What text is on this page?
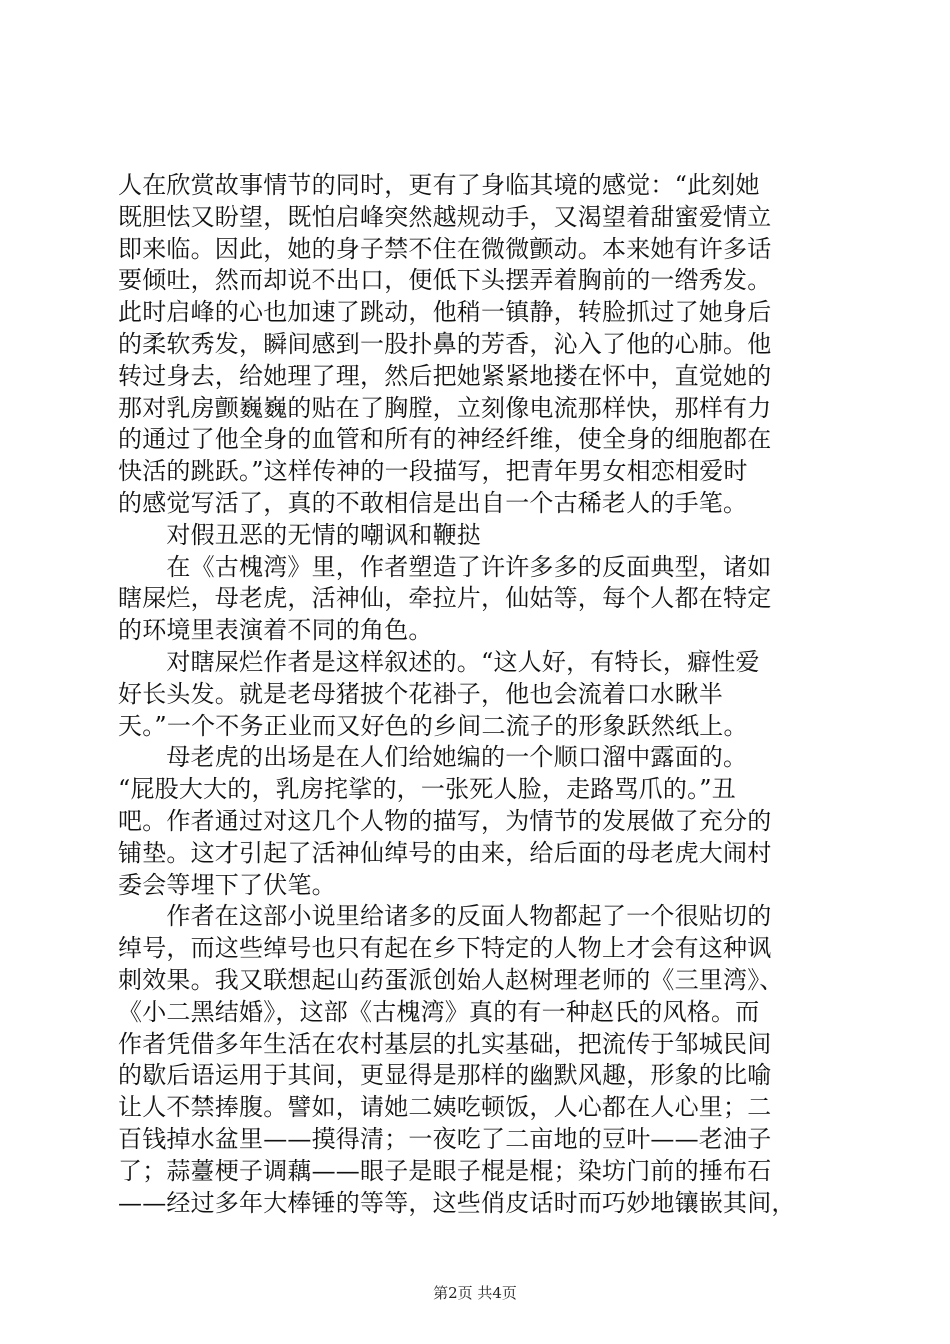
人在欣赏故事情节的同时，更有了身临其境的感觉：“此刻她
既胆怯又盼望，既怕启峰突然越规动手，又渴望着甜蜜爱情立
即来临。因此，她的身子禁不住在微微颤动。本来她有许多话
要倾吐，然而却说不出口，便低下头摆弄着胸前的一绺秀发。
此时启峰的心也加速了跳动，他稍一镇静，转脸抓过了她身后
的柔软秀发，瞬间感到一股扑鼻的芳香，沁入了他的心肺。他
转过身去，给她理了理，然后把她紧紧地搂在怀中，直觉她的
那对乳房颤巍巍的贴在了胸膛，立刻像电流那样快，那样有力
的通过了他全身的血管和所有的神经纤维，使全身的细胞都在
快活的跳跃。”这样传神的一段描写，把青年男女相恋相爱时
的感觉写活了，真的不敢相信是出自一个古稀老人的手笔。
　　对假丑恶的无情的嘲讽和鞭挞
　　在《古槐湾》里，作者塑造了许许多多的反面典型，诸如
瞎屎烂，母老虎，活神仙，牵拉片，仙姑等，每个人都在特定
的环境里表演着不同的角色。
　　对瞎屎烂作者是这样叙述的。“这人好，有特长，癖性爱
好长头发。就是老母猪披个花褂子，他也会流着口水瞅半
天。”一个不务正业而又好色的乡间二流子的形象跃然纸上。
　　母老虎的出场是在人们给她编的一个顺口溜中露面的。
“屁股大大的，乳房挓挲的，一张死人脸，走路骂爪的。”丑
吧。作者通过对这几个人物的描写，为情节的发展做了充分的
铺垫。这才引起了活神仙绰号的由来，给后面的母老虎大闹村
委会等埋下了伏笔。
　　作者在这部小说里给诸多的反面人物都起了一个很贴切的
绰号，而这些绰号也只有起在乡下特定的人物上才会有这种讽
刺效果。我又联想起山药蛋派创始人赵树理老师的《三里湾》、
《小二黑结婚》，这部《古槐湾》真的有一种赵氏的风格。而
作者凭借多年生活在农村基层的扎实基础，把流传于邹城民间
的歇后语运用于其间，更显得是那样的幽默风趣，形象的比喻
让人不禁捧腹。譬如，请她二姨吃顿饭，人心都在人心里；二
百钱掉水盆里——摸得清；一夜吃了二亩地的豆叶——老油子
了；蒜薹梗子调藕——眼子是眼子棍是棍；染坊门前的捶布石
——经过多年大棒锤的等等，这些俏皮话时而巧妙地镶嵌其间，
第2页 共4页
